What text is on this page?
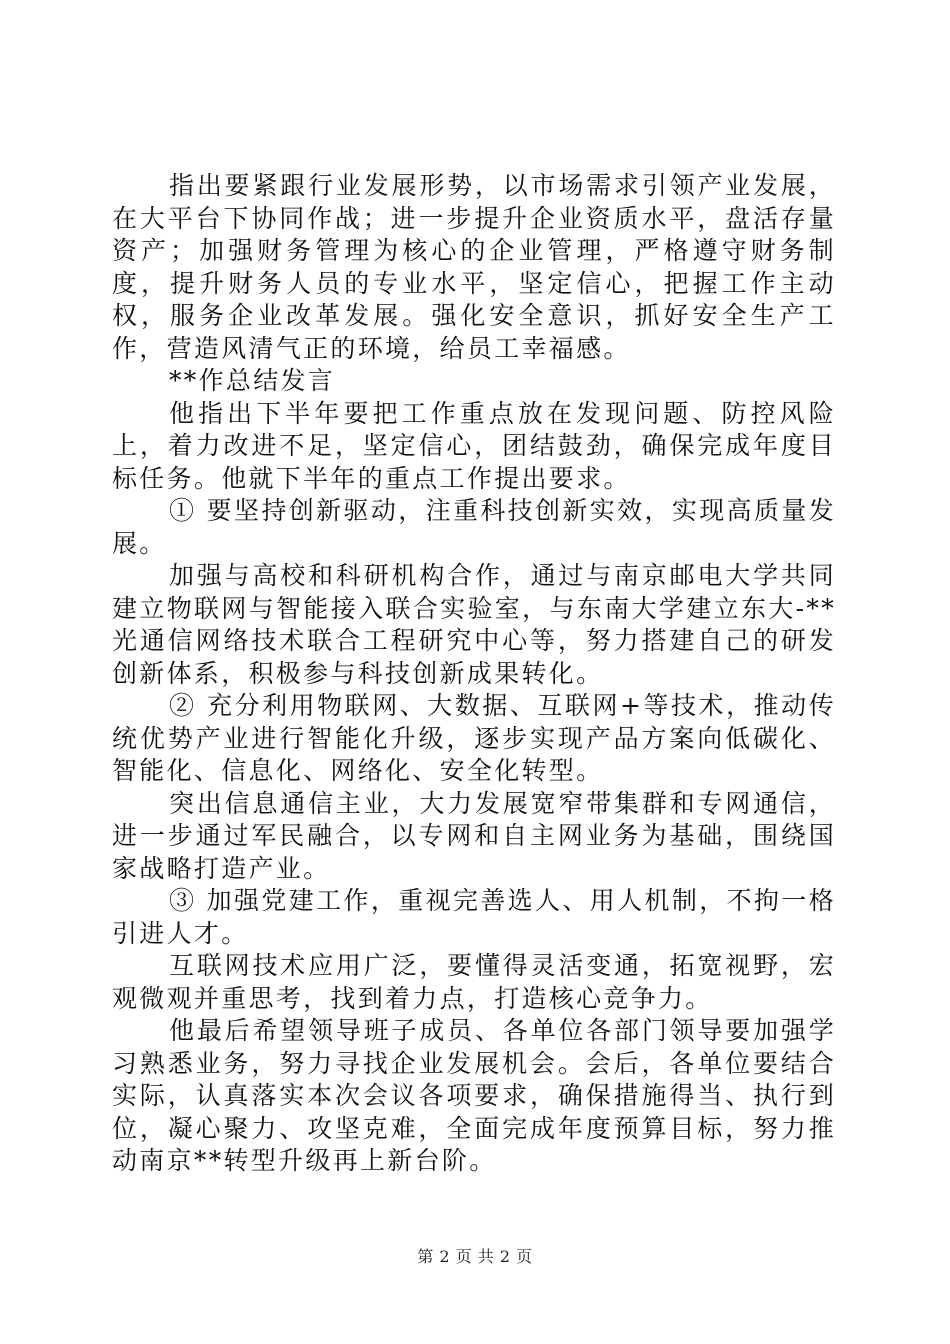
指出要紧跟行业发展形势，以市场需求引领产业发展，在大平台下协同作战；进一步提升企业资质水平，盘活存量资产；加强财务管理为核心的企业管理，严格遵守财务制度，提升财务人员的专业水平，坚定信心，把握工作主动权，服务企业改革发展。强化安全意识，抓好安全生产工作，营造风清气正的环境，给员工幸福感。

**作总结发言

他指出下半年要把工作重点放在发现问题、防控风险上，着力改进不足，坚定信心，团结鼓劲，确保完成年度目标任务。他就下半年的重点工作提出要求。

① 要坚持创新驱动，注重科技创新实效，实现高质量发展。

加强与高校和科研机构合作，通过与南京邮电大学共同建立物联网与智能接入联合实验室，与东南大学建立东大-**光通信网络技术联合工程研究中心等，努力搭建自己的研发创新体系，积极参与科技创新成果转化。

② 充分利用物联网、大数据、互联网+等技术，推动传统优势产业进行智能化升级，逐步实现产品方案向低碳化、智能化、信息化、网络化、安全化转型。

突出信息通信主业，大力发展宽窄带集群和专网通信，进一步通过军民融合，以专网和自主网业务为基础，围绕国家战略打造产业。

③ 加强党建工作，重视完善选人、用人机制，不拘一格引进人才。

互联网技术应用广泛，要懂得灵活变通，拓宽视野，宏观微观并重思考，找到着力点，打造核心竞争力。

他最后希望领导班子成员、各单位各部门领导要加强学习熟悉业务，努力寻找企业发展机会。会后，各单位要结合实际，认真落实本次会议各项要求，确保措施得当、执行到位，凝心聚力、攻坚克难，全面完成年度预算目标，努力推动南京**转型升级再上新台阶。

第 2 页 共 2 页
